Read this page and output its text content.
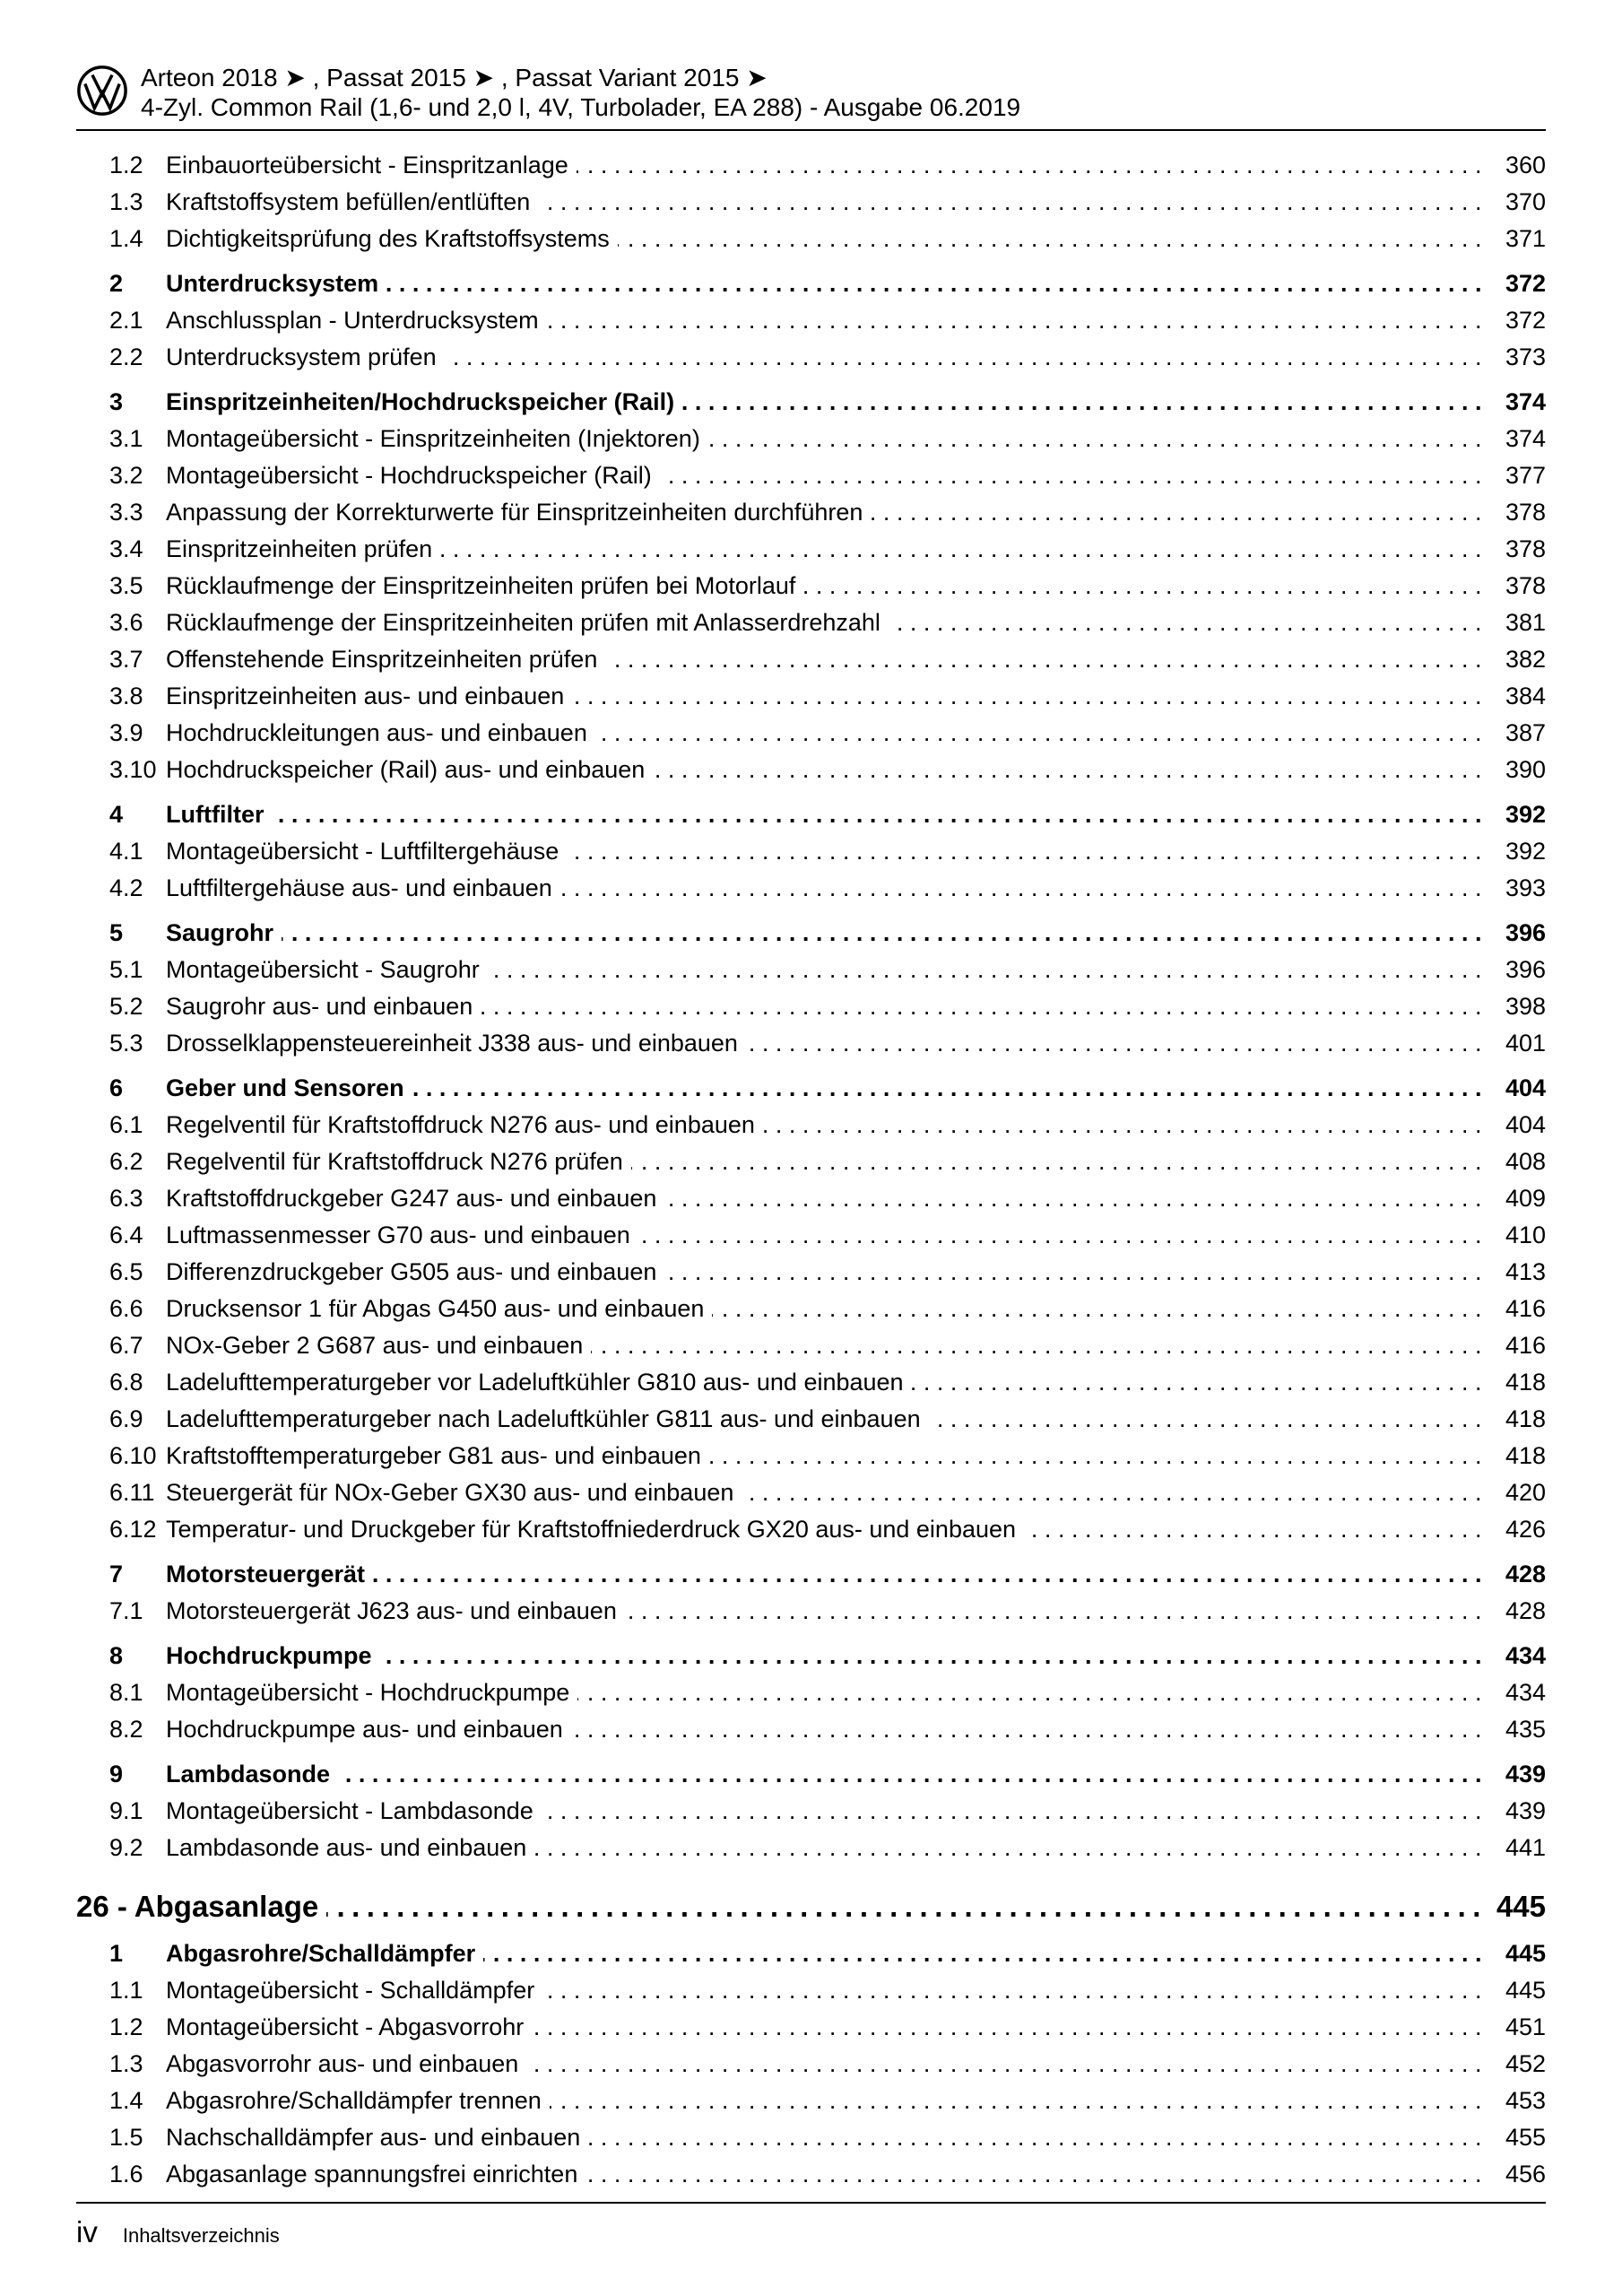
Arteon 2018 ➤ , Passat 2015 ➤ , Passat Variant 2015 ➤
4-Zyl. Common Rail (1,6- und 2,0 l, 4V, Turbolader, EA 288) - Ausgabe 06.2019
1.2 Einbauorteübersicht - Einspritzanlage .....	360
1.3 Kraftstoffsystem befüllen/entlüften .....	370
1.4 Dichtigkeitsprüfung des Kraftstoffsystems .....	371
2	Unterdrucksystem .....	372
2.1 Anschlussplan - Unterdrucksystem .....	372
2.2 Unterdrucksystem prüfen .....	373
3	Einspritzeinheiten/Hochdruckspeicher (Rail) .....	374
3.1 Montageübersicht - Einspritzeinheiten (Injektoren) .....	374
3.2 Montageübersicht - Hochdruckspeicher (Rail) .....	377
3.3 Anpassung der Korrekturwerte für Einspritzeinheiten durchführen .....	378
3.4 Einspritzeinheiten prüfen .....	378
3.5 Rücklaufmenge der Einspritzeinheiten prüfen bei Motorlauf .....	378
3.6 Rücklaufmenge der Einspritzeinheiten prüfen mit Anlasserdrehzahl .....	381
3.7 Offenstehende Einspritzeinheiten prüfen .....	382
3.8 Einspritzeinheiten aus- und einbauen .....	384
3.9 Hochdruckleitungen aus- und einbauen .....	387
3.10 Hochdruckspeicher (Rail) aus- und einbauen .....	390
4	Luftfilter .....	392
4.1 Montageübersicht - Luftfiltergehäuse .....	392
4.2 Luftfiltergehäuse aus- und einbauen .....	393
5	Saugrohr .....	396
5.1 Montageübersicht - Saugrohr .....	396
5.2 Saugrohr aus- und einbauen .....	398
5.3 Drosselklappensteuereinheit J338 aus- und einbauen .....	401
6	Geber und Sensoren .....	404
6.1 Regelventil für Kraftstoffdruck N276 aus- und einbauen .....	404
6.2 Regelventil für Kraftstoffdruck N276 prüfen .....	408
6.3 Kraftstoffdruckgeber G247 aus- und einbauen .....	409
6.4 Luftmassenmesser G70 aus- und einbauen .....	410
6.5 Differenzdruckgeber G505 aus- und einbauen .....	413
6.6 Drucksensor 1 für Abgas G450 aus- und einbauen .....	416
6.7 NOx-Geber 2 G687 aus- und einbauen .....	416
6.8 Ladelufttemperaturgeber vor Ladeluftkühler G810 aus- und einbauen .....	418
6.9 Ladelufttemperaturgeber nach Ladeluftkühler G811 aus- und einbauen .....	418
6.10 Kraftstofftemperaturgeber G81 aus- und einbauen .....	418
6.11 Steuergerät für NOx-Geber GX30 aus- und einbauen .....	420
6.12 Temperatur- und Druckgeber für Kraftstoffniederdruck GX20 aus- und einbauen .....	426
7	Motorsteuergerät .....	428
7.1 Motorsteuergerät J623 aus- und einbauen .....	428
8	Hochdruckpumpe .....	434
8.1 Montageübersicht - Hochdruckpumpe .....	434
8.2 Hochdruckpumpe aus- und einbauen .....	435
9	Lambdasonde .....	439
9.1 Montageübersicht - Lambdasonde .....	439
9.2 Lambdasonde aus- und einbauen .....	441
26 - Abgasanlage .....	445
1	Abgasrohre/Schalldämpfer .....	445
1.1 Montageübersicht - Schalldämpfer .....	445
1.2 Montageübersicht - Abgasvorrohr .....	451
1.3 Abgasvorrohr aus- und einbauen .....	452
1.4 Abgasrohre/Schalldämpfer trennen .....	453
1.5 Nachschalldämpfer aus- und einbauen .....	455
1.6 Abgasanlage spannungsfrei einrichten .....	456
iv Inhaltsverzeichnis
